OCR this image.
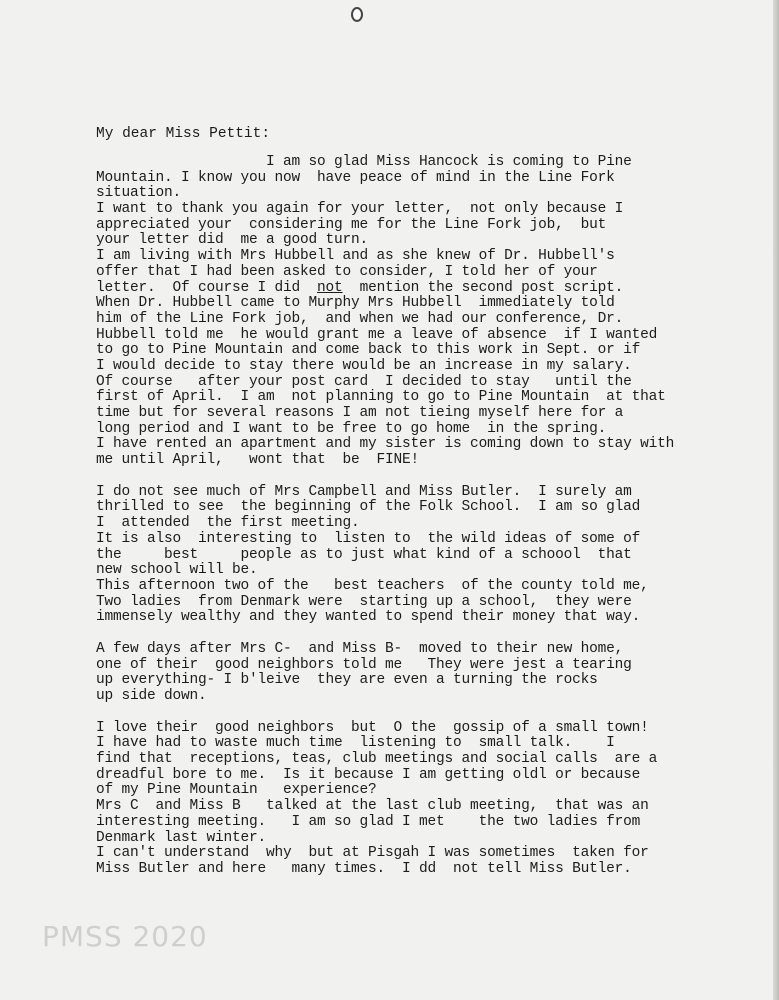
My dear Miss Pettit:

I am so glad Miss Hancock is coming to Pine
Mountain. I know you now  have peace of mind in the Line Fork
situation.
I want to thank you again for your letter,  not only because I
appreciated your  considering me for the Line Fork job,  but
your letter did  me a good turn.
I am living with Mrs Hubbell and as she knew of Dr. Hubbell's
offer that I had been asked to consider, I told her of your
letter.  Of course I did  not  mention the second post script.
When Dr. Hubbell came to Murphy Mrs Hubbell  immediately told
him of the Line Fork job,  and when we had our conference, Dr.
Hubbell told me  he would grant me a leave of absence  if I wanted
to go to Pine Mountain and come back to this work in Sept. or if
I would decide to stay there would be an increase in my salary.
Of course   after your post card  I decided to stay   until the
first of April.  I am  not planning to go to Pine Mountain  at that
time but for several reasons I am not tieing myself here for a
long period and I want to be free to go home  in the spring.
I have rented an apartment and my sister is coming down to stay with
me until April,   wont that  be  FINE!
I do not see much of Mrs Campbell and Miss Butler.  I surely am
thrilled to see  the beginning of the Folk School.  I am so glad
I  attended  the first meeting.
It is also  interesting to  listen to  the wild ideas of some of
the     best     people as to just what kind of a schoool  that
new school will be.
This afternoon two of the   best teachers  of the county told me,
Two ladies  from Denmark were  starting up a school,  they were
immensely wealthy and they wanted to spend their money that way.
A few days after Mrs C-  and Miss B-  moved to their new home,
one of their  good neighbors told me   They were jest a tearing
up everything- I b'leive  they are even a turning the rocks
up side down.
I love their  good neighbors  but  O the  gossip of a small town!
I have had to waste much time  listening to  small talk.    I
find that  receptions, teas, club meetings and social calls  are a
dreadful bore to me.  Is it because I am getting oldl or because
of my Pine Mountain   experience?
Mrs C  and Miss B   talked at the last club meeting,  that was an
interesting meeting.   I am so glad I met    the two ladies from
Denmark last winter.
I can't understand  why  but at Pisgah I was sometimes  taken for
Miss Butler and here   many times.  I dd  not tell Miss Butler.
PMSS 2020
